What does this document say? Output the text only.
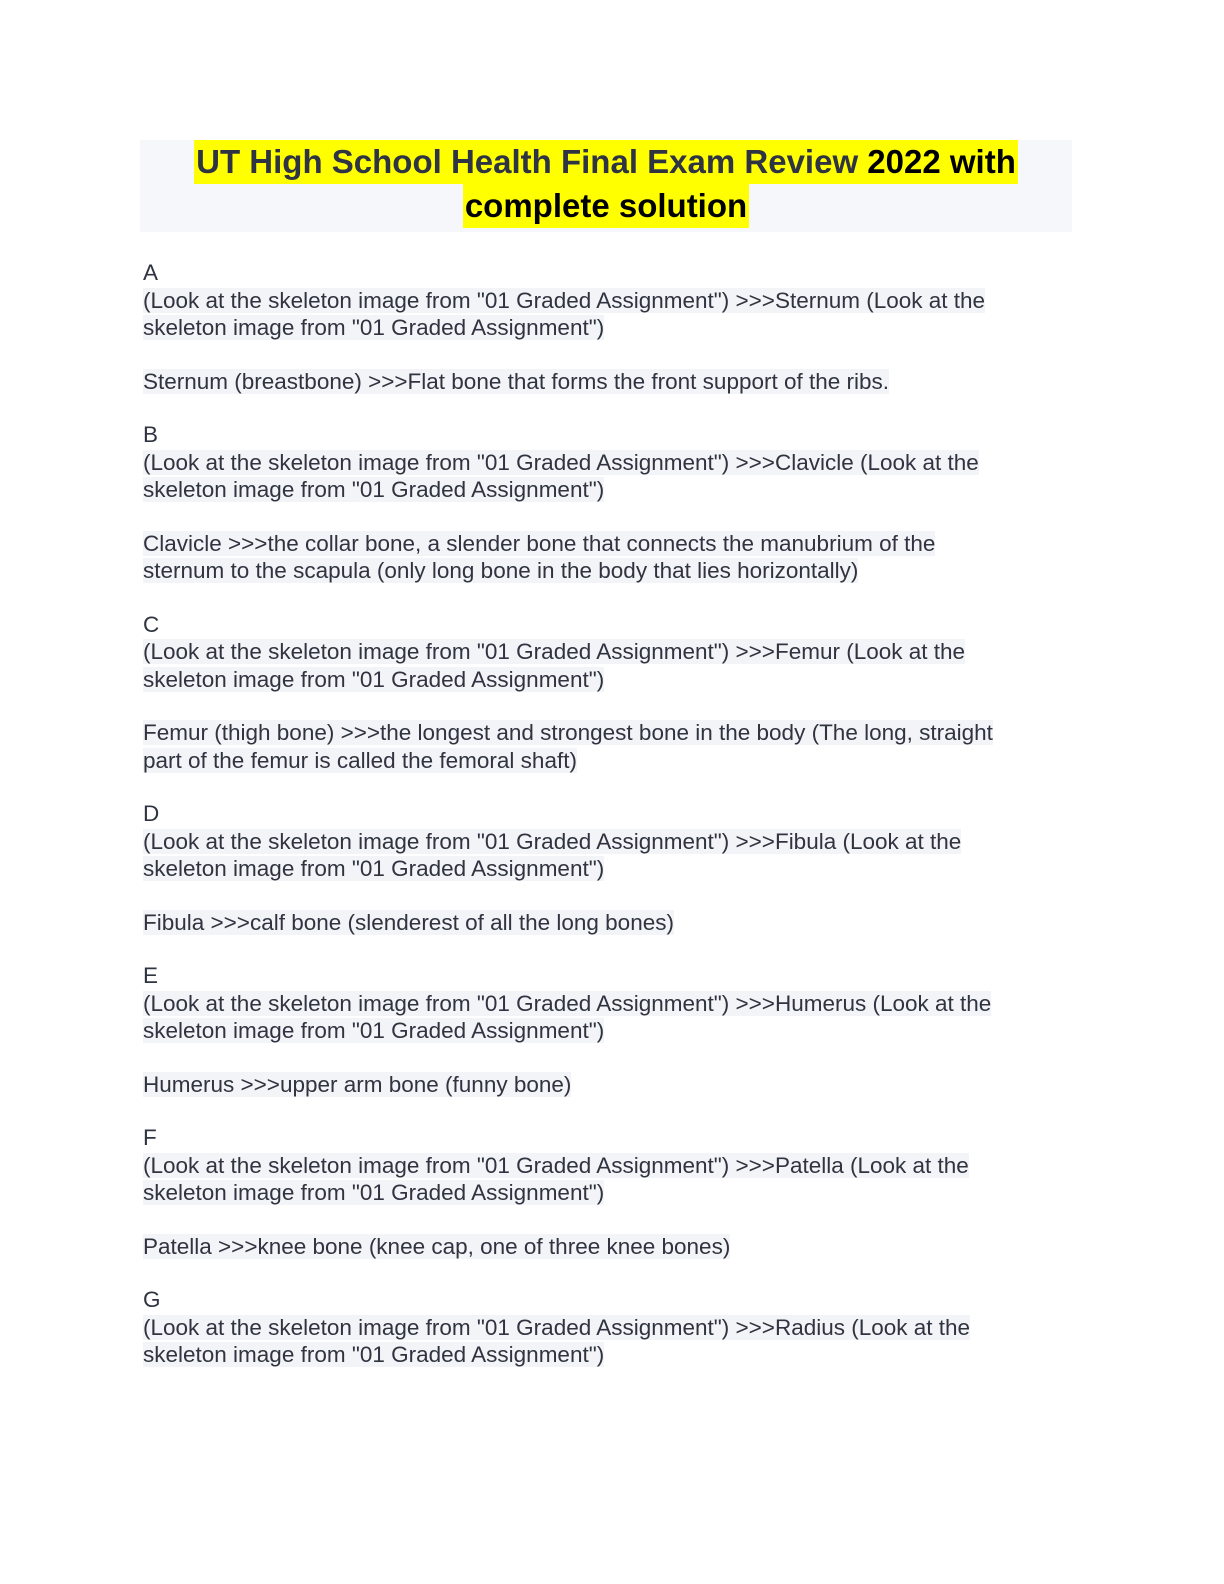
UT High School Health Final Exam Review 2022 with
complete solution
A
(Look at the skeleton image from "01 Graded Assignment") >>>Sternum (Look at the
skeleton image from "01 Graded Assignment")
Sternum (breastbone) >>>Flat bone that forms the front support of the ribs.
B
(Look at the skeleton image from "01 Graded Assignment") >>>Clavicle (Look at the
skeleton image from "01 Graded Assignment")
Clavicle >>>the collar bone, a slender bone that connects the manubrium of the
sternum to the scapula (only long bone in the body that lies horizontally)
C
(Look at the skeleton image from "01 Graded Assignment") >>>Femur (Look at the
skeleton image from "01 Graded Assignment")
Femur (thigh bone) >>>the longest and strongest bone in the body (The long, straight
part of the femur is called the femoral shaft)
D
(Look at the skeleton image from "01 Graded Assignment") >>>Fibula (Look at the
skeleton image from "01 Graded Assignment")
Fibula >>>calf bone (slenderest of all the long bones)
E
(Look at the skeleton image from "01 Graded Assignment") >>>Humerus (Look at the
skeleton image from "01 Graded Assignment")
Humerus >>>upper arm bone (funny bone)
F
(Look at the skeleton image from "01 Graded Assignment") >>>Patella (Look at the
skeleton image from "01 Graded Assignment")
Patella >>>knee bone (knee cap, one of three knee bones)
G
(Look at the skeleton image from "01 Graded Assignment") >>>Radius (Look at the
skeleton image from "01 Graded Assignment")
